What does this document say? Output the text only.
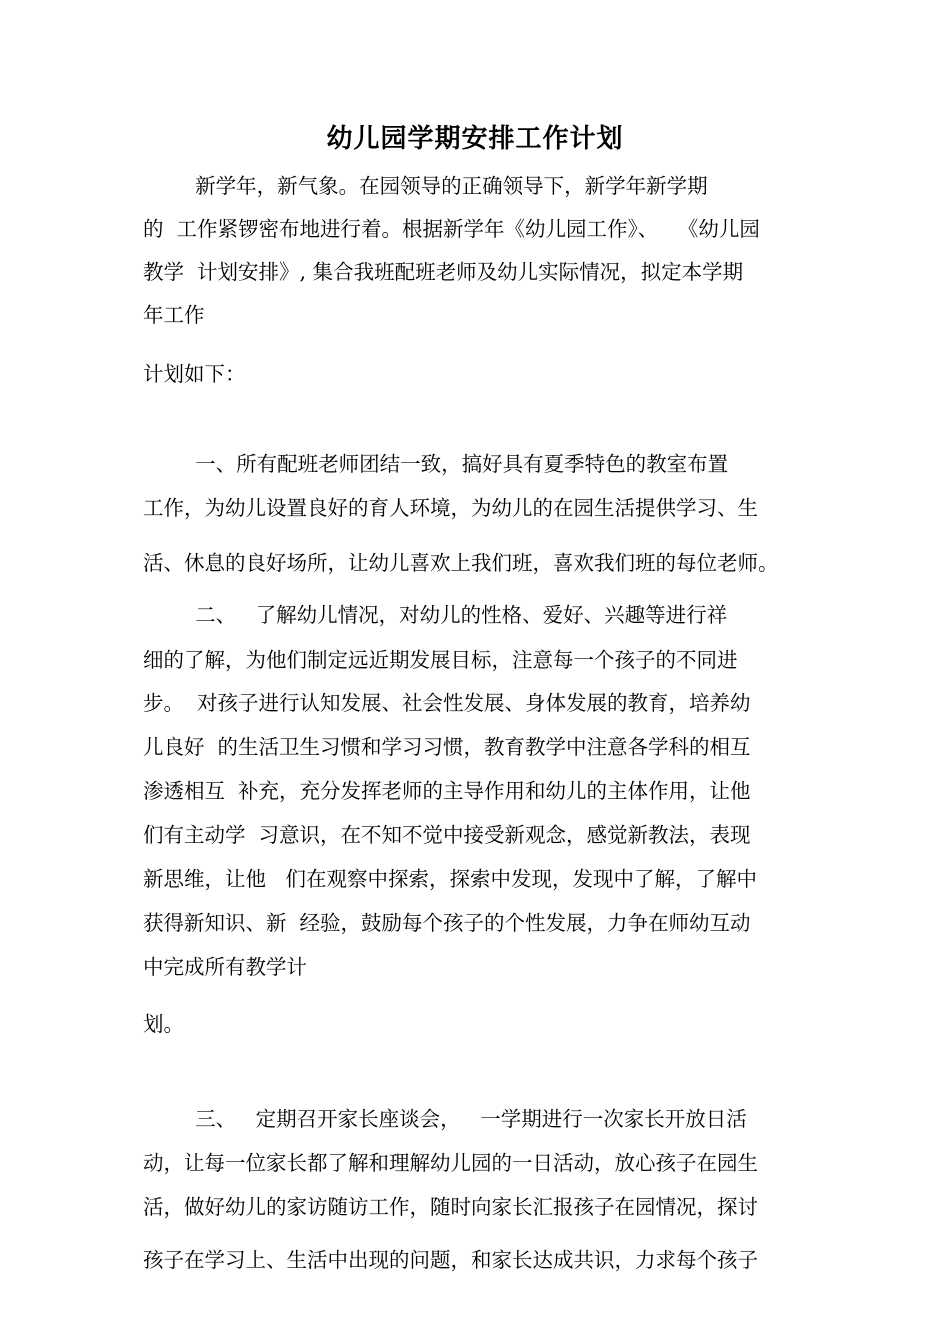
幼儿园学期安排工作计划
新学年，新气象。在园领导的正确领导下，新学年新学期
的  工作紧锣密布地进行着。根据新学年《幼儿园工作》、   《幼儿园
教学  计划安排》, 集合我班配班老师及幼儿实际情况，拟定本学期
年工作
计划如下：
一、所有配班老师团结一致，搞好具有夏季特色的教室布置
工作，为幼儿设置良好的育人环境，为幼儿的在园生活提供学习、生
活、休息的良好场所，让幼儿喜欢上我们班，喜欢我们班的每位老师。
二、   了解幼儿情况，对幼儿的性格、爱好、兴趣等进行祥
细的了解，为他们制定远近期发展目标，注意每一个孩子的不同进
步。  对孩子进行认知发展、社会性发展、身体发展的教育，培养幼
儿良好  的生活卫生习惯和学习习惯，教育教学中注意各学科的相互
渗透相互  补充，充分发挥老师的主导作用和幼儿的主体作用，让他
们有主动学  习意识，在不知不觉中接受新观念，感觉新教法，表现
新思维，让他   们在观察中探索，探索中发现，发现中了解，了解中
获得新知识、新  经验，鼓励每个孩子的个性发展，力争在师幼互动
中完成所有教学计
划。
三、   定期召开家长座谈会，   一学期进行一次家长开放日活
动，让每一位家长都了解和理解幼儿园的一日活动，放心孩子在园生
活，做好幼儿的家访随访工作，随时向家长汇报孩子在园情况，探讨
孩子在学习上、生活中出现的问题，和家长达成共识，力求每个孩子
